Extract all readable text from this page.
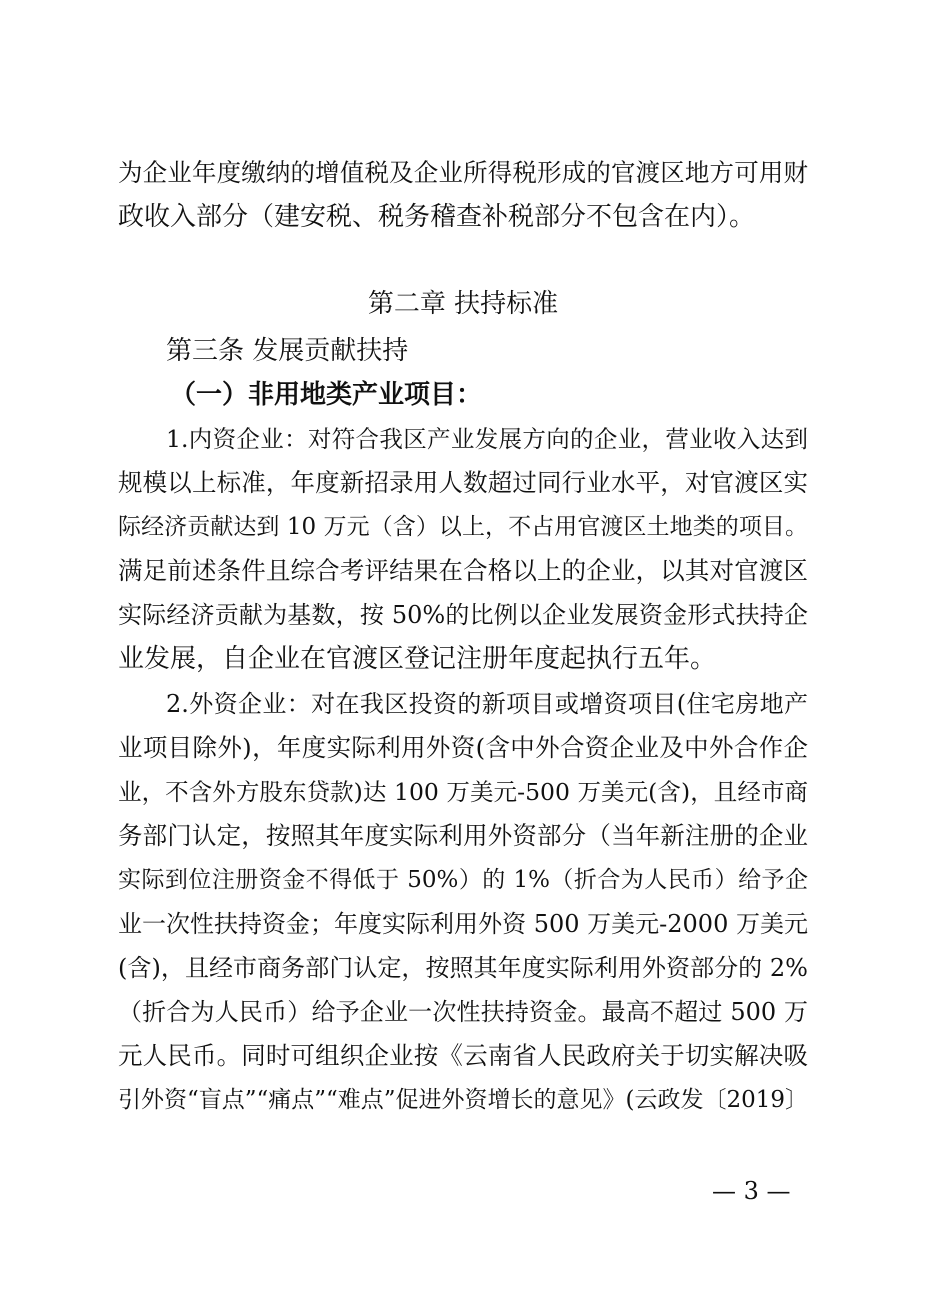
为企业年度缴纳的增值税及企业所得税形成的官渡区地方可用财
政收入部分（建安税、税务稽查补税部分不包含在内）。
第二章 扶持标准
第三条 发展贡献扶持
（一）非用地类产业项目：
1.内资企业：对符合我区产业发展方向的企业，营业收入达到
规模以上标准，年度新招录用人数超过同行业水平，对官渡区实
际经济贡献达到 10 万元（含）以上，不占用官渡区土地类的项目。
满足前述条件且综合考评结果在合格以上的企业，以其对官渡区
实际经济贡献为基数，按 50%的比例以企业发展资金形式扶持企
业发展，自企业在官渡区登记注册年度起执行五年。
2.外资企业：对在我区投资的新项目或增资项目(住宅房地产
业项目除外)，年度实际利用外资(含中外合资企业及中外合作企
业，不含外方股东贷款)达 100 万美元-500 万美元(含)，且经市商
务部门认定，按照其年度实际利用外资部分（当年新注册的企业
实际到位注册资金不得低于 50%）的 1%（折合为人民币）给予企
业一次性扶持资金；年度实际利用外资 500 万美元-2000 万美元
(含)，且经市商务部门认定，按照其年度实际利用外资部分的 2%
（折合为人民币）给予企业一次性扶持资金。最高不超过 500 万
元人民币。同时可组织企业按《云南省人民政府关于切实解决吸
引外资“盲点”“痛点”“难点”促进外资增长的意见》(云政发〔2019〕
— 3 —
